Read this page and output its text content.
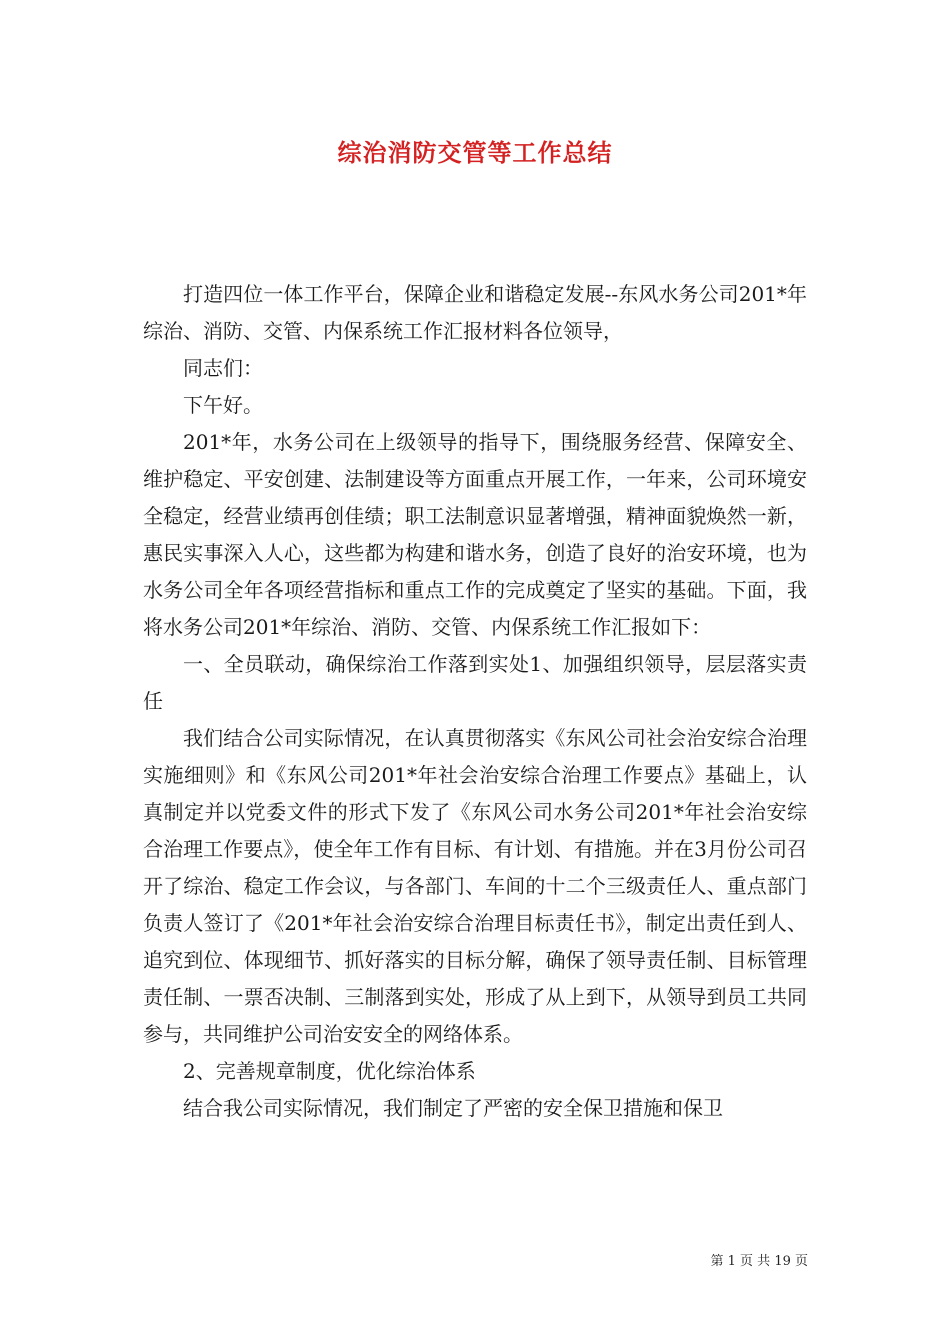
综治消防交管等工作总结

打造四位一体工作平台，保障企业和谐稳定发展--东风水务公司201*年综治、消防、交管、内保系统工作汇报材料各位领导，

同志们：

下午好。

201*年，水务公司在上级领导的指导下，围绕服务经营、保障安全、维护稳定、平安创建、法制建设等方面重点开展工作，一年来，公司环境安全稳定，经营业绩再创佳绩；职工法制意识显著增强，精神面貌焕然一新，惠民实事深入人心，这些都为构建和谐水务，创造了良好的治安环境，也为水务公司全年各项经营指标和重点工作的完成奠定了坚实的基础。下面，我将水务公司201*年综治、消防、交管、内保系统工作汇报如下：

一、全员联动，确保综治工作落到实处1、加强组织领导，层层落实责任

我们结合公司实际情况，在认真贯彻落实《东风公司社会治安综合治理实施细则》和《东风公司201*年社会治安综合治理工作要点》基础上，认真制定并以党委文件的形式下发了《东风公司水务公司201*年社会治安综合治理工作要点》，使全年工作有目标、有计划、有措施。并在3月份公司召开了综治、稳定工作会议，与各部门、车间的十二个三级责任人、重点部门负责人签订了《201*年社会治安综合治理目标责任书》，制定出责任到人、追究到位、体现细节、抓好落实的目标分解，确保了领导责任制、目标管理责任制、一票否决制、三制落到实处，形成了从上到下，从领导到员工共同参与，共同维护公司治安安全的网络体系。

2、完善规章制度，优化综治体系

结合我公司实际情况，我们制定了严密的安全保卫措施和保卫

第 1 页 共 19 页
